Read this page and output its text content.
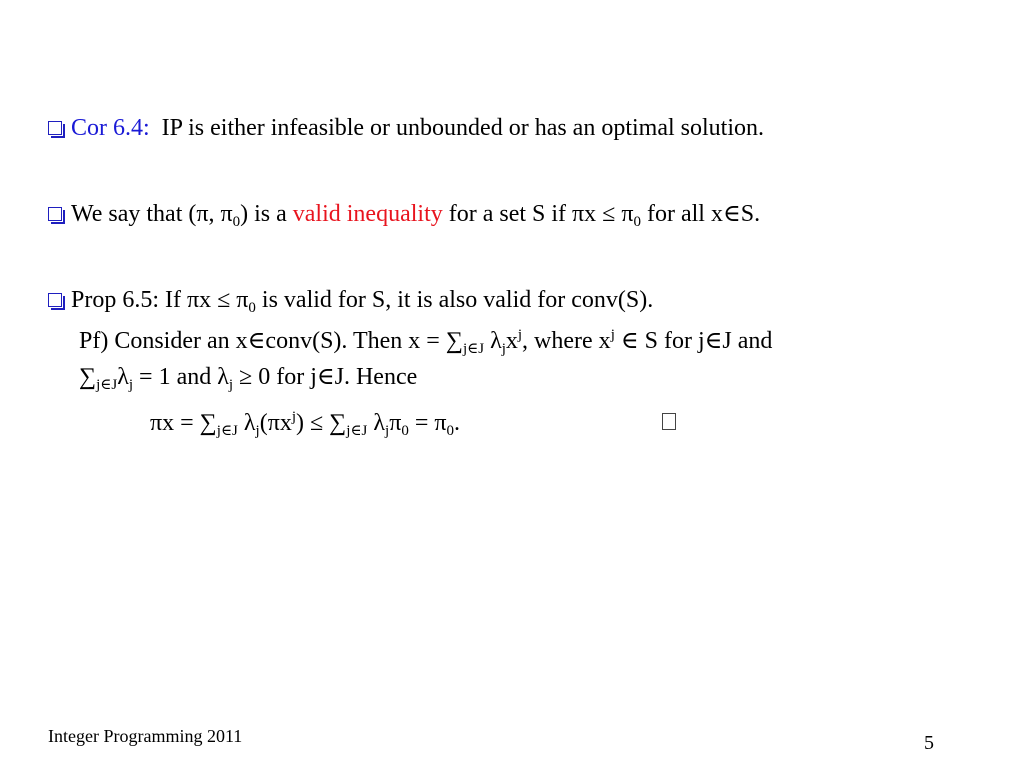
Cor 6.4: IP is either infeasible or unbounded or has an optimal solution.
We say that (π, $\pi_0$) is a valid inequality for a set S if $\pi x \le \pi_0$ for all x∈S.
Prop 6.5: If $\pi x \le \pi_0$ is valid for S, it is also valid for conv(S).
Pf) Consider an x∈conv(S). Then $x = \sum_{j\in J}$ $\lambda_jx^j$, where $x^j$ ∈ S for j∈J and
$\sum_{j\in J}\lambda_j = 1$ and $\lambda_j \ge 0$ for j∈J. Hence
$\pi x = \sum_{j\in J}$ $\lambda_j(\pi x^j) \le \sum_{j\in J}$ $\lambda_j\pi_0 = \pi_0$.
Integer Programming 2011	5
